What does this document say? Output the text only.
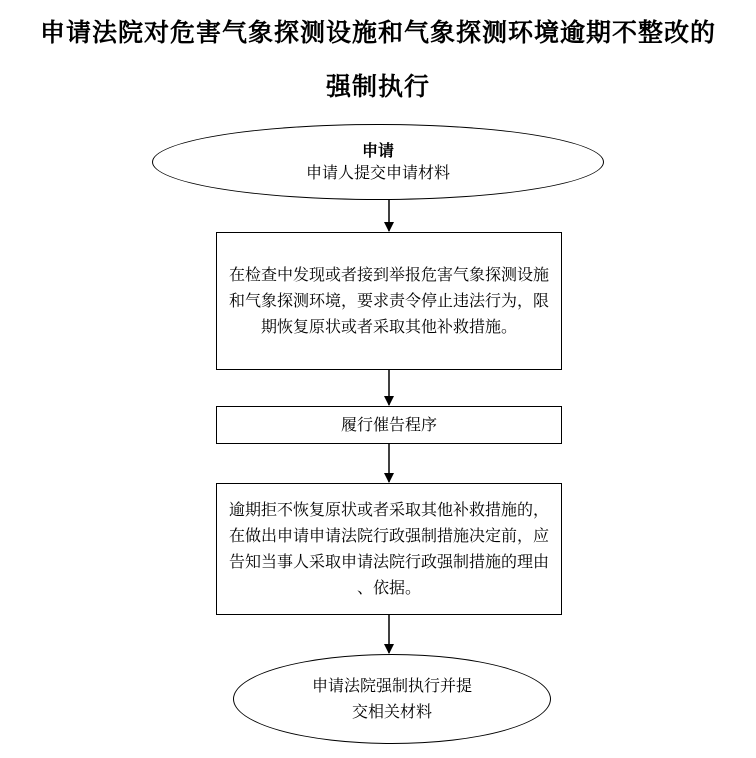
申请法院对危害气象探测设施和气象探测环境逾期不整改的
强制执行
申请
申请人提交申请材料
在检查中发现或者接到举报危害气象探测设施和气象探测环境，要求责令停止违法行为，限期恢复原状或者采取其他补救措施。
履行催告程序
逾期拒不恢复原状或者采取其他补救措施的，在做出申请申请法院行政强制措施决定前，应告知当事人采取申请法院行政强制措施的理由 、依据。
申请法院强制执行并提交相关材料
